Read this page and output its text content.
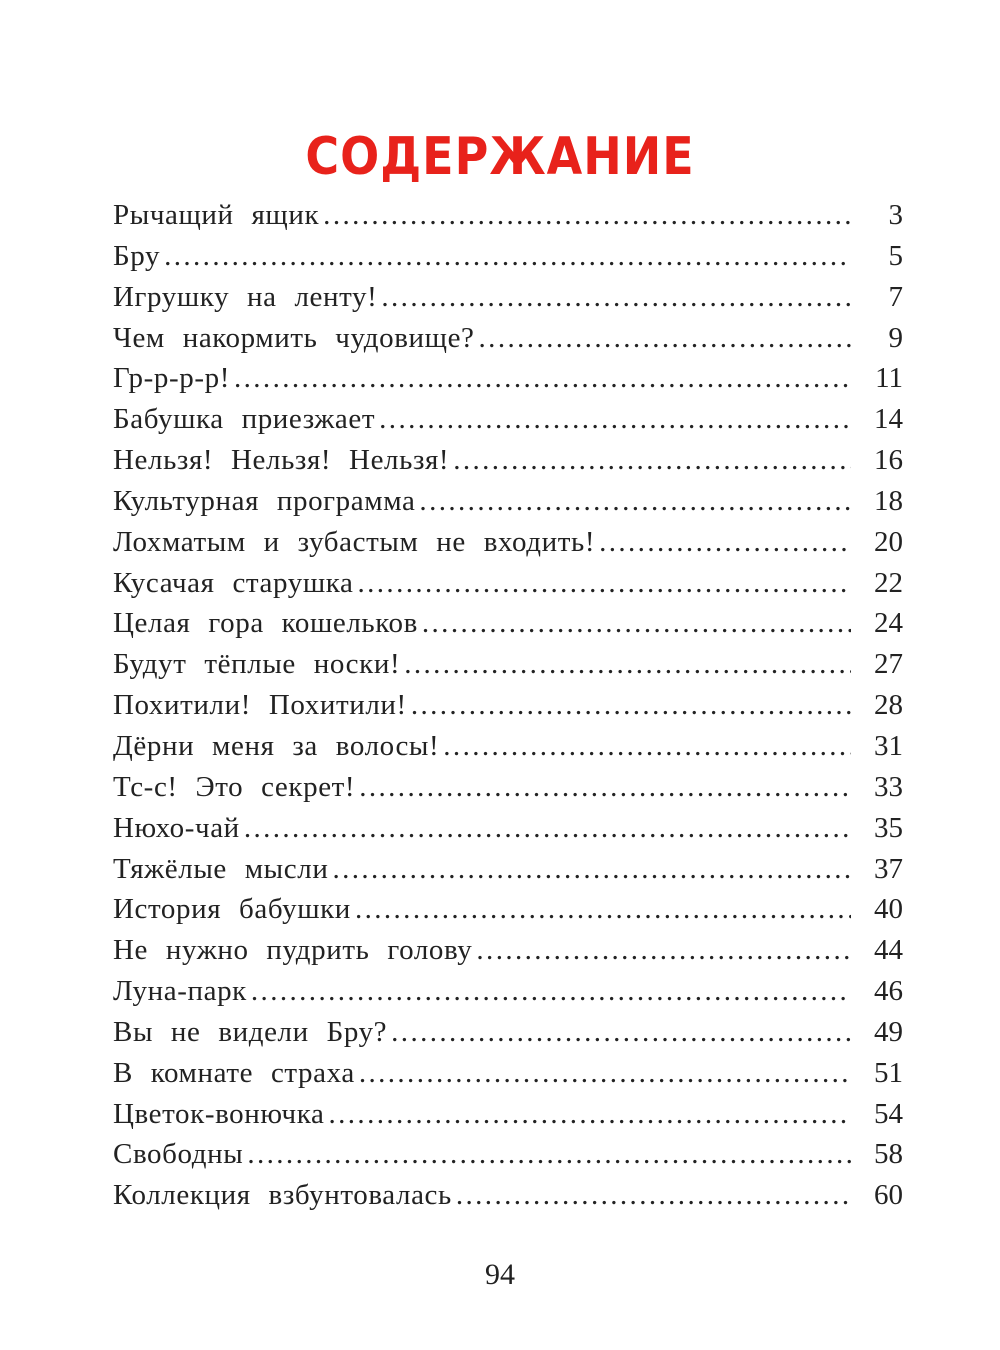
СОДЕРЖАНИЕ
Рычащий ящик .....	3
Бру .....	5
Игрушку на ленту! .....	7
Чем накормить чудовище? .....	9
Гр-р-р-р! .....	11
Бабушка приезжает .....	14
Нельзя! Нельзя! Нельзя! .....	16
Культурная программа .....	18
Лохматым и зубастым не входить! .....	20
Кусачая старушка .....	22
Целая гора кошельков .....	24
Будут тёплые носки! .....	27
Похитили! Похитили! .....	28
Дёрни меня за волосы! .....	31
Тс-с! Это секрет! .....	33
Нюхо-чай .....	35
Тяжёлые мысли .....	37
История бабушки .....	40
Не нужно пудрить голову .....	44
Луна-парк .....	46
Вы не видели Бру? .....	49
В комнате страха .....	51
Цветок-вонючка .....	54
Свободны .....	58
Коллекция взбунтовалась .....	60
94
